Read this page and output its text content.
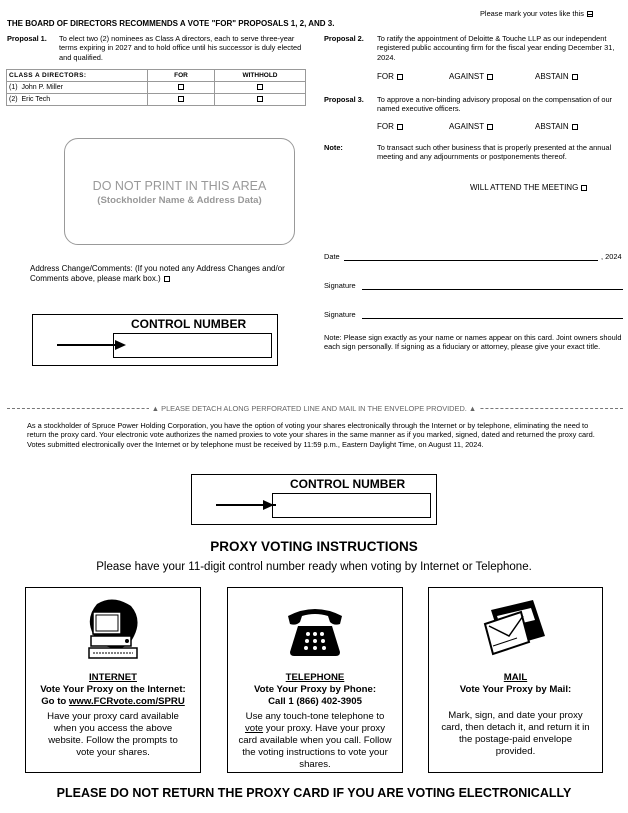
Please mark your votes like this
THE BOARD OF DIRECTORS RECOMMENDS A VOTE "FOR" PROPOSALS 1, 2, AND 3.
Proposal 1. To elect two (2) nominees as Class A directors, each to serve three-year terms expiring in 2027 and to hold office until his successor is duly elected and qualified.
CLASS A DIRECTORS:	FOR	WITHHOLD
(1) John P. Miller		
(2) Eric Tech		
Proposal 2. To ratify the appointment of Deloitte & Touche LLP as our independent registered public accounting firm for the fiscal year ending December 31, 2024.
FOR	AGAINST	ABSTAIN
Proposal 3. To approve a non-binding advisory proposal on the compensation of our named executive officers.
FOR	AGAINST	ABSTAIN
Note:	To transact such other business that is properly presented at the annual meeting and any adjournments or postponements thereof.
WILL ATTEND THE MEETING
DO NOT PRINT IN THIS AREA
(Stockholder Name & Address Data)
Address Change/Comments: (If you noted any Address Changes and/or Comments above, please mark box.)
CONTROL NUMBER
Date	, 2024
Signature
Signature
Note: Please sign exactly as your name or names appear on this card. Joint owners should each sign personally. If signing as a fiduciary or attorney, please give your exact title.
▲ PLEASE DETACH ALONG PERFORATED LINE AND MAIL IN THE ENVELOPE PROVIDED. ▲
As a stockholder of Spruce Power Holding Corporation, you have the option of voting your shares electronically through the Internet or by telephone, eliminating the need to return the proxy card. Your electronic vote authorizes the named proxies to vote your shares in the same manner as if you marked, signed, dated and returned the proxy card. Votes submitted electronically over the Internet or by telephone must be received by 11:59 p.m., Eastern Daylight Time, on August 11, 2024.
CONTROL NUMBER
PROXY VOTING INSTRUCTIONS
Please have your 11-digit control number ready when voting by Internet or Telephone.
INTERNET
Vote Your Proxy on the Internet:
Go to www.FCRvote.com/SPRU
Have your proxy card available when you access the above website. Follow the prompts to vote your shares.
TELEPHONE
Vote Your Proxy by Phone:
Call 1 (866) 402-3905
Use any touch-tone telephone to vote your proxy. Have your proxy card available when you call. Follow the voting instructions to vote your shares.
MAIL
Vote Your Proxy by Mail:
Mark, sign, and date your proxy card, then detach it, and return it in the postage-paid envelope provided.
PLEASE DO NOT RETURN THE PROXY CARD IF YOU ARE VOTING ELECTRONICALLY
